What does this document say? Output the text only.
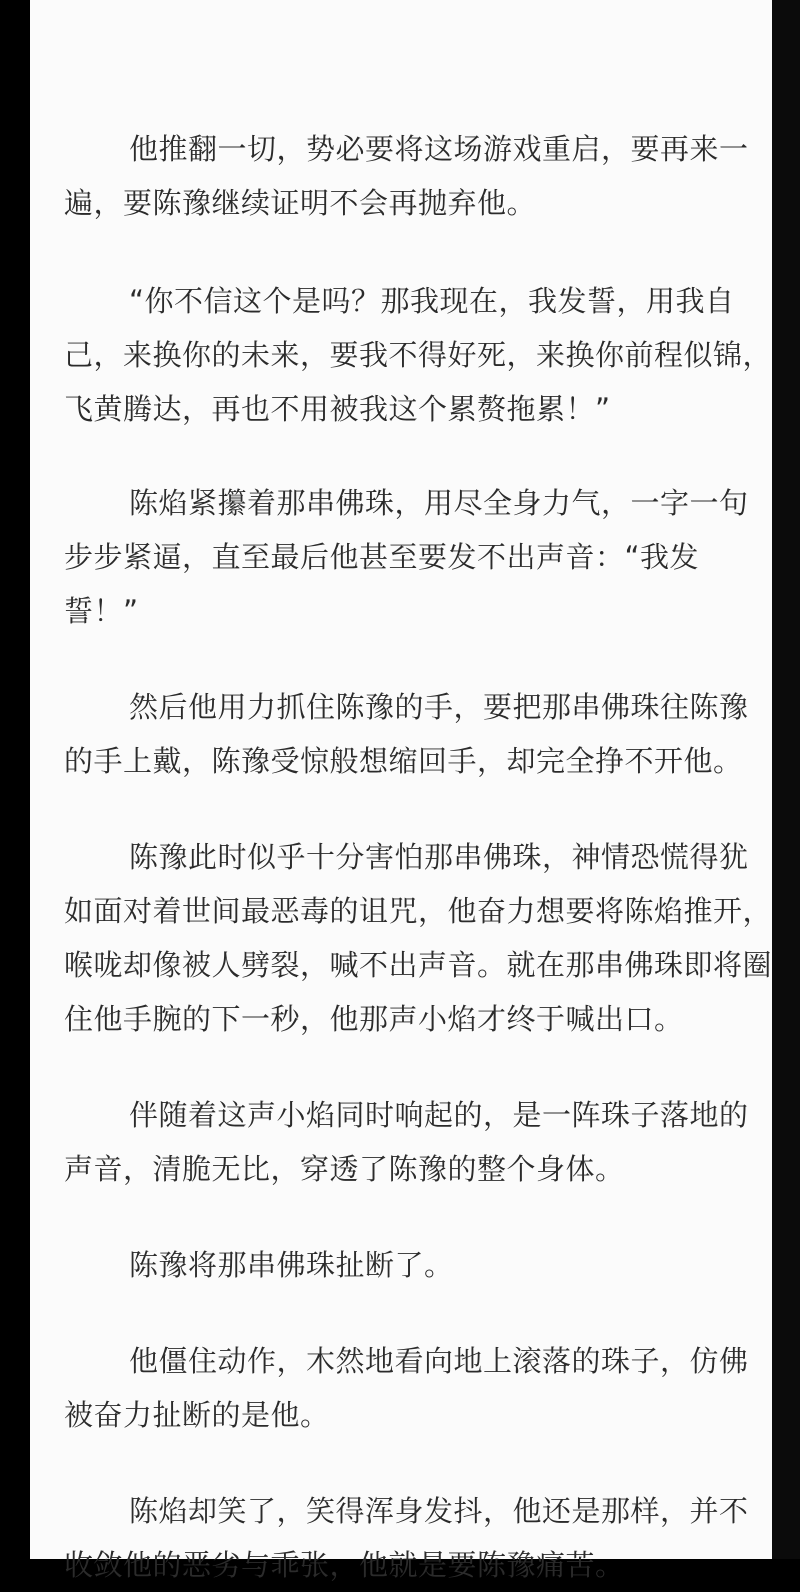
他推翻一切，势必要将这场游戏重启，要再来一遍，要陈豫继续证明不会再抛弃他。

“你不信这个是吗？那我现在，我发誓，用我自己，来换你的未来，要我不得好死，来换你前程似锦，飞黄腾达，再也不用被我这个累赘拖累！”

陈焰紧攥着那串佛珠，用尽全身力气，一字一句步步紧逼，直至最后他甚至要发不出声音：“我发誓！”

然后他用力抓住陈豫的手，要把那串佛珠往陈豫的手上戴，陈豫受惊般想缩回手，却完全挣不开他。

陈豫此时似乎十分害怕那串佛珠，神情恐慌得犹如面对着世间最恶毒的诅咒，他奋力想要将陈焰推开，喉咙却像被人劈裂，喊不出声音。就在那串佛珠即将圈住他手腕的下一秒，他那声小焰才终于喊出口。

伴随着这声小焰同时响起的，是一阵珠子落地的声音，清脆无比，穿透了陈豫的整个身体。

陈豫将那串佛珠扯断了。

他僵住动作，木然地看向地上滚落的珠子，仿佛被奋力扯断的是他。

陈焰却笑了，笑得浑身发抖，他还是那样，并不收敛他的恶劣与乖张，他就是要陈豫痛苦。
